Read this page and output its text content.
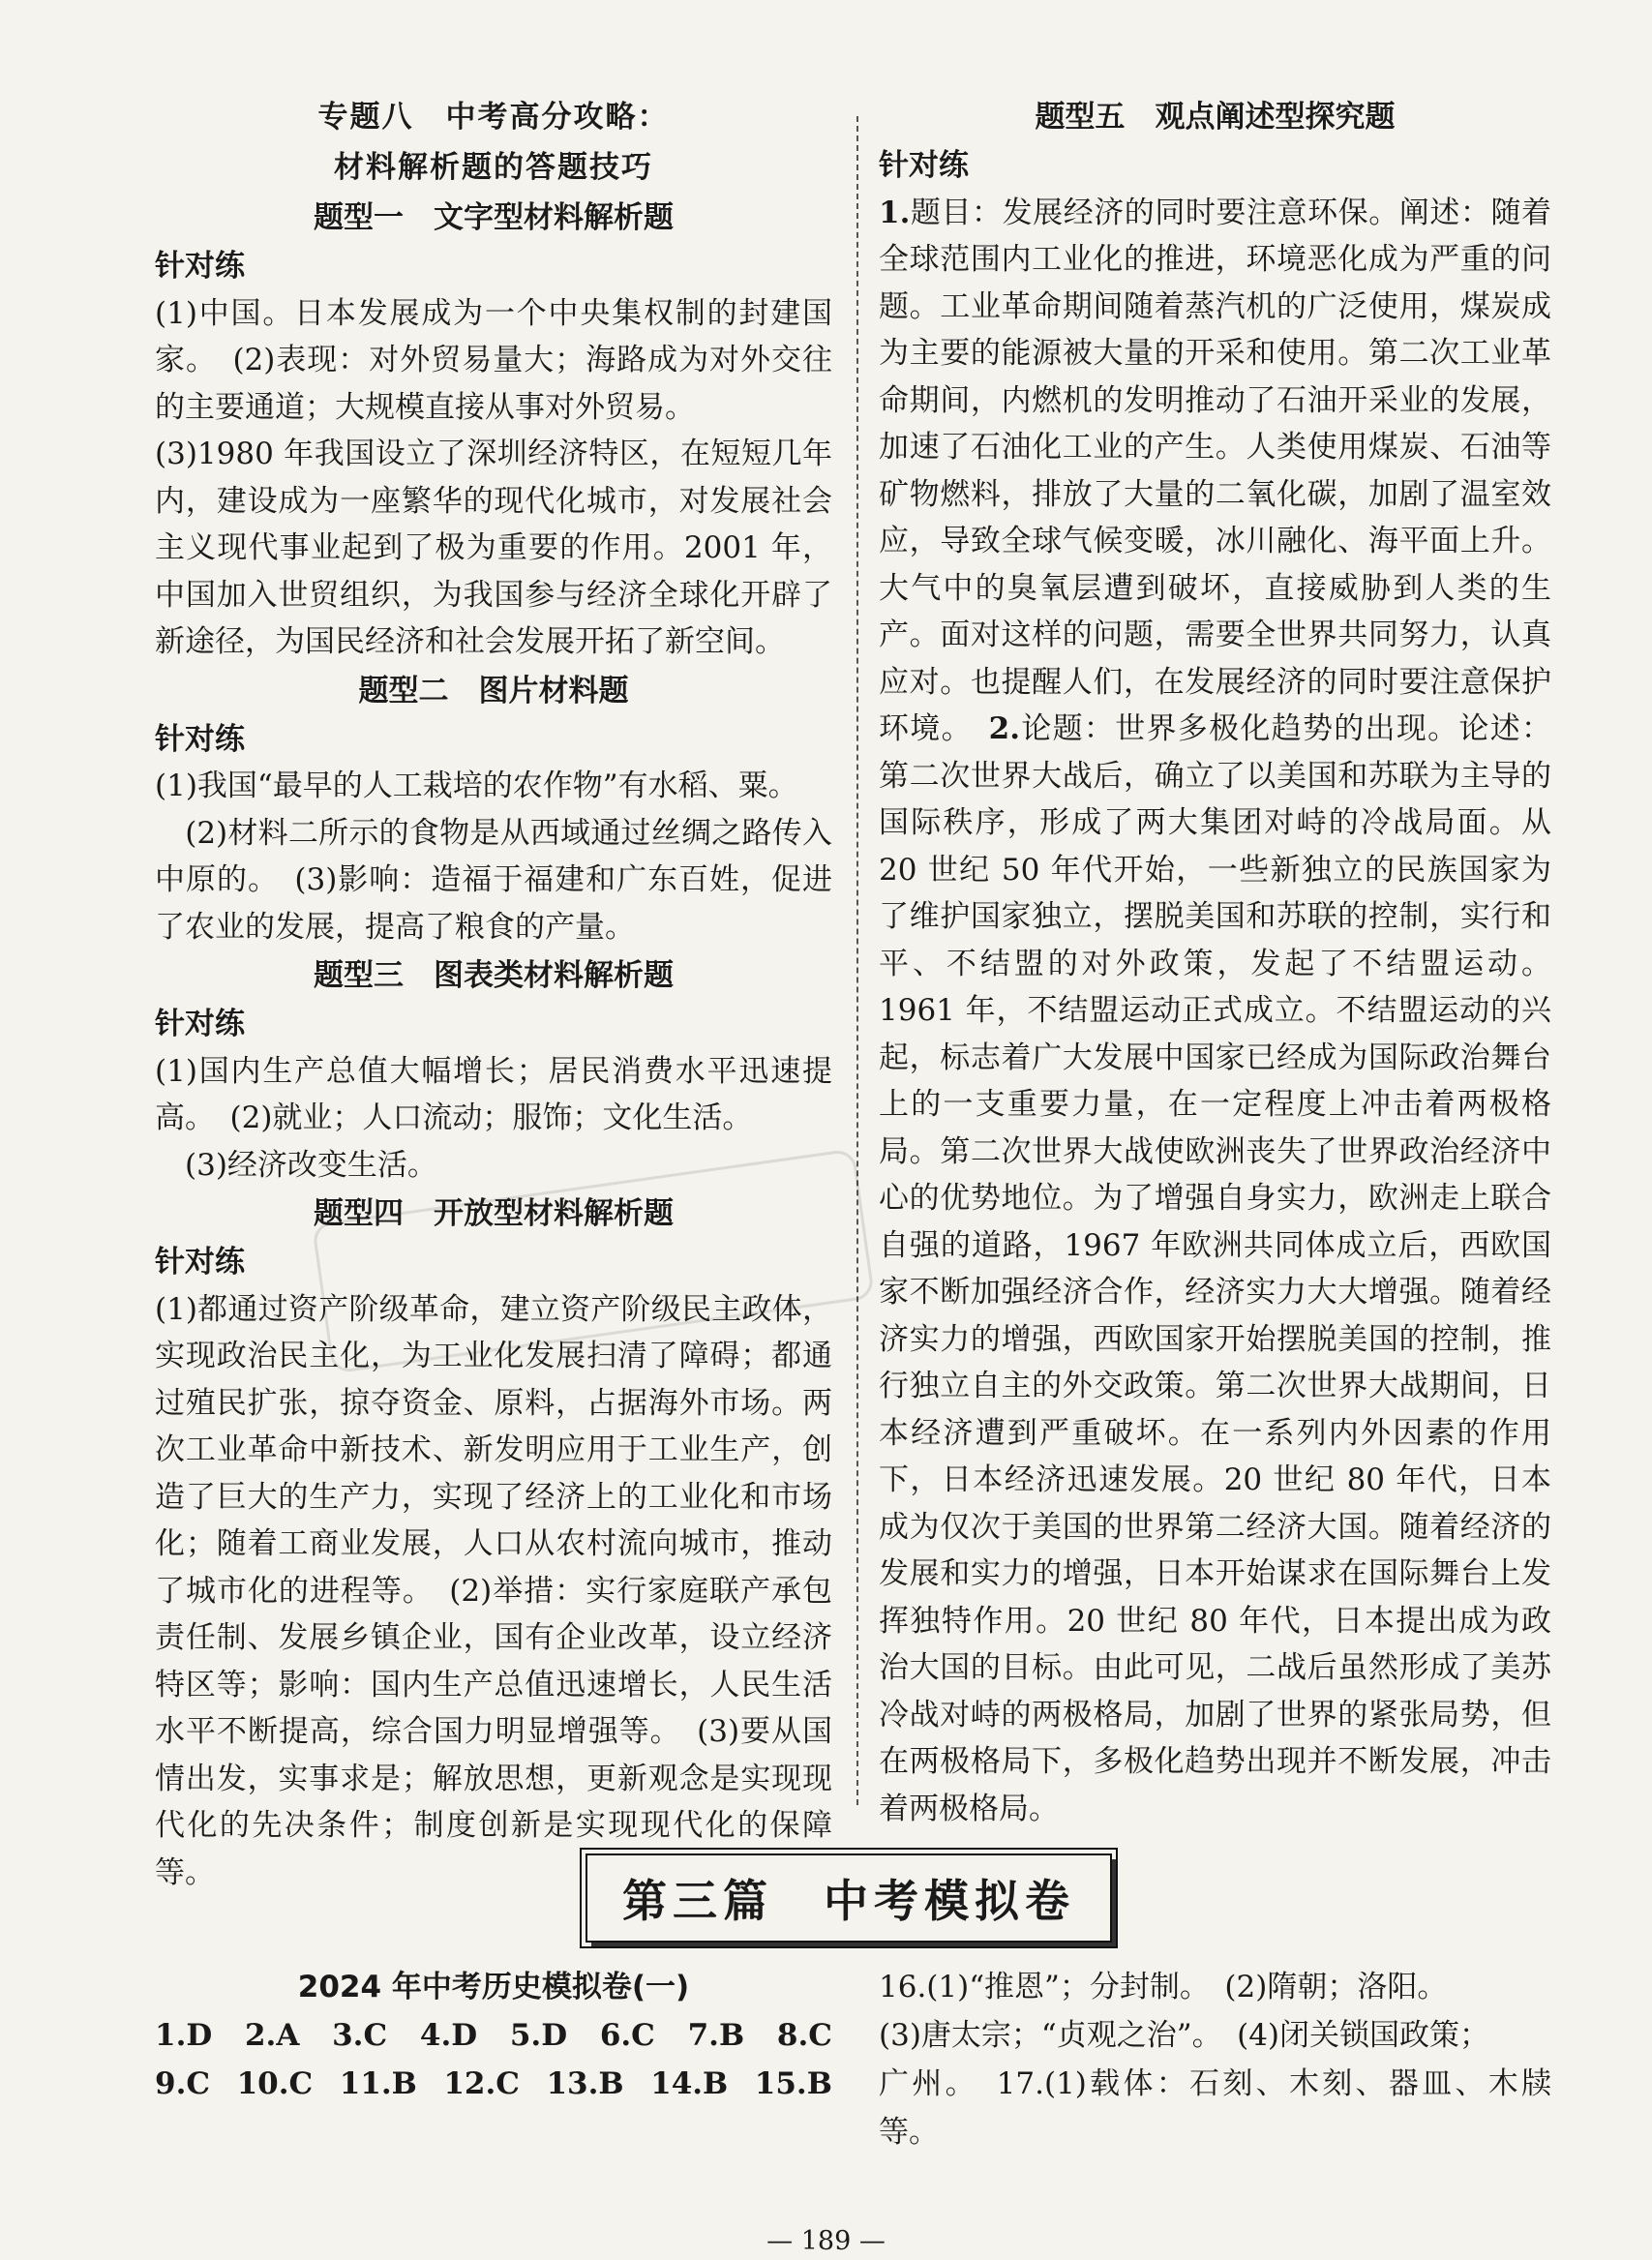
专题八　中考高分攻略：

材料解析题的答题技巧

题型一　文字型材料解析题

针对练

(1)中国。日本发展成为一个中央集权制的封建国家。　(2)表现：对外贸易量大；海路成为对外交往的主要通道；大规模直接从事对外贸易。

(3)1980 年我国设立了深圳经济特区，在短短几年内，建设成为一座繁华的现代化城市，对发展社会主义现代事业起到了极为重要的作用。2001 年，中国加入世贸组织，为我国参与经济全球化开辟了新途径，为国民经济和社会发展开拓了新空间。

题型二　图片材料题

针对练

(1)我国“最早的人工栽培的农作物”有水稻、粟。

　(2)材料二所示的食物是从西域通过丝绸之路传入中原的。　(3)影响：造福于福建和广东百姓，促进了农业的发展，提高了粮食的产量。

题型三　图表类材料解析题

针对练

(1)国内生产总值大幅增长；居民消费水平迅速提高。　(2)就业；人口流动；服饰；文化生活。

　(3)经济改变生活。

题型四　开放型材料解析题

针对练

(1)都通过资产阶级革命，建立资产阶级民主政体，实现政治民主化，为工业化发展扫清了障碍；都通过殖民扩张，掠夺资金、原料，占据海外市场。两次工业革命中新技术、新发明应用于工业生产，创造了巨大的生产力，实现了经济上的工业化和市场化；随着工商业发展，人口从农村流向城市，推动了城市化的进程等。　(2)举措：实行家庭联产承包责任制、发展乡镇企业，国有企业改革，设立经济特区等；影响：国内生产总值迅速增长，人民生活水平不断提高，综合国力明显增强等。　(3)要从国情出发，实事求是；解放思想，更新观念是实现现代化的先决条件；制度创新是实现现代化的保障等。

题型五　观点阐述型探究题

针对练

1.题目：发展经济的同时要注意环保。阐述：随着全球范围内工业化的推进，环境恶化成为严重的问题。工业革命期间随着蒸汽机的广泛使用，煤炭成为主要的能源被大量的开采和使用。第二次工业革命期间，内燃机的发明推动了石油开采业的发展，加速了石油化工业的产生。人类使用煤炭、石油等矿物燃料，排放了大量的二氧化碳，加剧了温室效应，导致全球气候变暖，冰川融化、海平面上升。大气中的臭氧层遭到破坏，直接威胁到人类的生产。面对这样的问题，需要全世界共同努力，认真应对。也提醒人们，在发展经济的同时要注意保护环境。　2.论题：世界多极化趋势的出现。论述：第二次世界大战后，确立了以美国和苏联为主导的国际秩序，形成了两大集团对峙的冷战局面。从 20 世纪 50 年代开始，一些新独立的民族国家为了维护国家独立，摆脱美国和苏联的控制，实行和平、不结盟的对外政策，发起了不结盟运动。1961 年，不结盟运动正式成立。不结盟运动的兴起，标志着广大发展中国家已经成为国际政治舞台上的一支重要力量，在一定程度上冲击着两极格局。第二次世界大战使欧洲丧失了世界政治经济中心的优势地位。为了增强自身实力，欧洲走上联合自强的道路，1967 年欧洲共同体成立后，西欧国家不断加强经济合作，经济实力大大增强。随着经济实力的增强，西欧国家开始摆脱美国的控制，推行独立自主的外交政策。第二次世界大战期间，日本经济遭到严重破坏。在一系列内外因素的作用下，日本经济迅速发展。20 世纪 80 年代，日本成为仅次于美国的世界第二经济大国。随着经济的发展和实力的增强，日本开始谋求在国际舞台上发挥独特作用。20 世纪 80 年代，日本提出成为政治大国的目标。由此可见，二战后虽然形成了美苏冷战对峙的两极格局，加剧了世界的紧张局势，但在两极格局下，多极化趋势出现并不断发展，冲击着两极格局。

第三篇　中考模拟卷

2024 年中考历史模拟卷(一)

1.D 2.A 3.C 4.D 5.D 6.C 7.B 8.C
9.C 10.C 11.B 12.C 13.B 14.B 15.B

16.(1)“推恩”；分封制。　(2)隋朝；洛阳。

(3)唐太宗；“贞观之治”。　(4)闭关锁国政策；

广州。　17.(1)载体：石刻、木刻、器皿、木牍等。

— 189 —
